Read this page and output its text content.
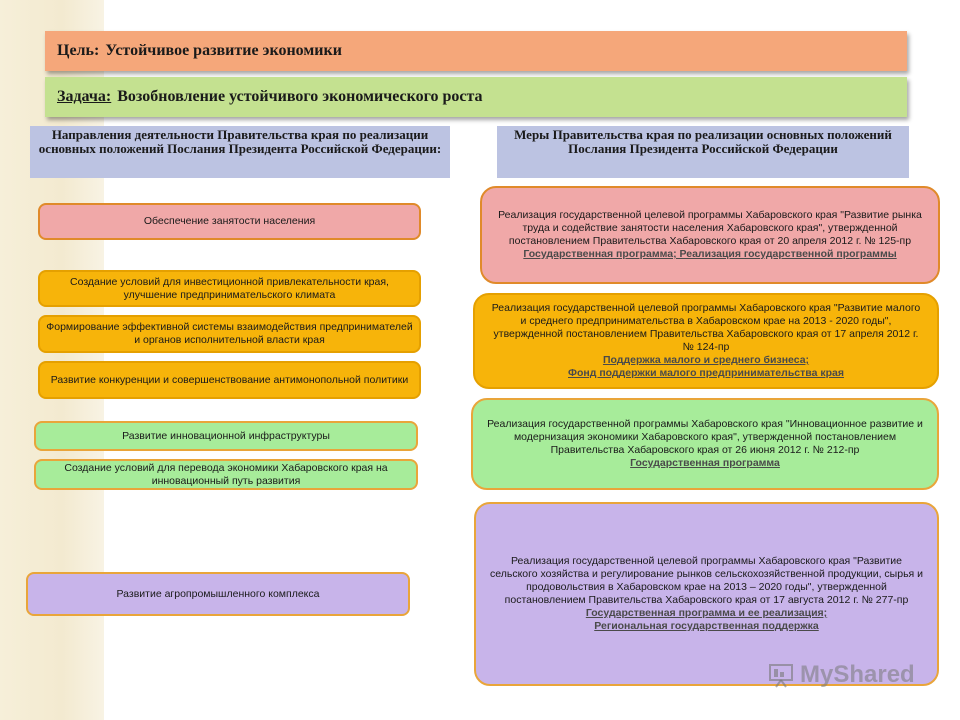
Цель: Устойчивое развитие экономики
Задача: Возобновление устойчивого экономического роста
Направления деятельности Правительства края по реализации основных положений Послания Президента Российской Федерации:
Меры Правительства края по реализации основных положений Послания Президента Российской Федерации
Обеспечение занятости населения
Создание условий для инвестиционной привлекательности края, улучшение предпринимательского климата
Формирование эффективной системы взаимодействия предпринимателей и органов исполнительной власти края
Развитие конкуренции и совершенствование антимонопольной политики
Развитие инновационной инфраструктуры
Создание условий для перевода экономики Хабаровского края на инновационный путь развития
Развитие агропромышленного комплекса
Реализация государственной целевой программы Хабаровского края "Развитие рынка труда и содействие занятости населения Хабаровского края", утвержденной постановлением Правительства Хабаровского края от 20 апреля 2012 г. № 125-пр
Государственная программа; Реализация государственной программы
Реализация государственной целевой программы Хабаровского края "Развитие малого и среднего предпринимательства в Хабаровском крае на 2013 - 2020 годы", утвержденной постановлением Правительства Хабаровского края от 17 апреля 2012 г. № 124-пр
Поддержка малого и среднего бизнеса;
Фонд поддержки малого предпринимательства края
Реализация государственной программы Хабаровского края "Инновационное развитие и модернизация экономики Хабаровского края", утвержденной постановлением Правительства Хабаровского края от 26 июня 2012 г. № 212-пр
Государственная программа
Реализация государственной целевой программы Хабаровского края "Развитие сельского хозяйства и регулирование рынков сельскохозяйственной продукции, сырья и продовольствия в Хабаровском крае на 2013 – 2020 годы", утвержденной постановлением Правительства Хабаровского края от 17 августа 2012 г. № 277-пр
Государственная программа и ее реализация;
Региональная государственная поддержка
MyShared
